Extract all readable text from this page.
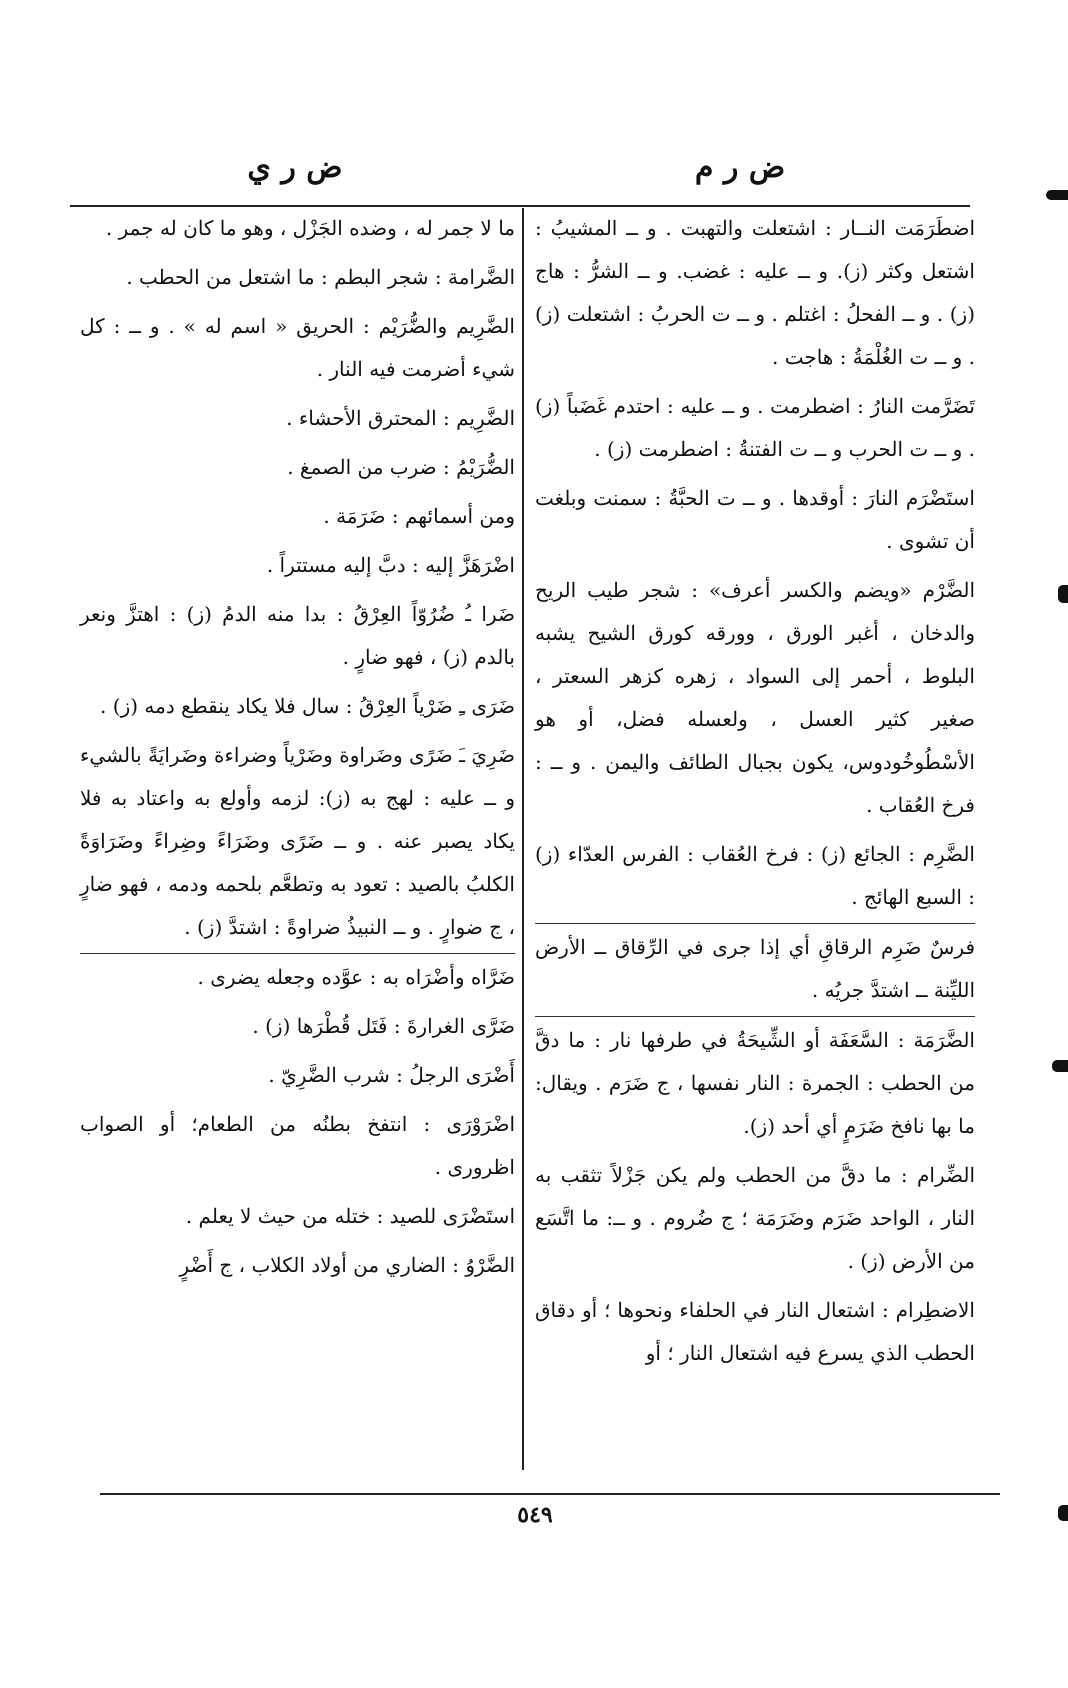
ض ر م
ض ر ي
اضطَرَمَت النــار : اشتعلت والتهبت . و ــ المشيبُ : اشتعل وكثر (ز). و ــ عليه : غضب. و ــ الشرُّ : هاج (ز) . و ــ الفحلُ : اغتلم . و ــ ت الحربُ : اشتعلت (ز) . و ــ ت الغُلْمَةُ : هاجت .
تَضَرَّمت النارُ : اضطرمت . و ــ عليه : احتدم غَضَباً (ز) . و ــ ت الحرب و ــ ت الفتنةُ : اضطرمت (ز) .
استَضْرَم النارَ : أوقدها . و ــ ت الحبَّةُ : سمنت وبلغت أن تشوى .
الضَّرْم «ويضم والكسر أعرف» : شجر طيب الريح والدخان ، أغبر الورق ، وورقه كورق الشيح يشبه البلوط ، أحمر إلى السواد ، زهره كزهر السعتر ، صغير كثير العسل ، ولعسله فضل، أو هو الأسْطُوخُودوس، يكون بجبال الطائف واليمن . و ــ : فرخ العُقاب .
الضَّرِم : الجائع (ز) : فرخ العُقاب : الفرس العدّاء (ز) : السبع الهائج .
فرسٌ ضَرِم الرقاقِ أي إذا جرى في الرِّقاق ــ الأرض الليِّنة ــ اشتدَّ جريُه .
الضَّرَمَة : السَّعَفَة أو الشِّيحَةُ في طرفها نار : ما دقَّ من الحطب : الجمرة : النار نفسها ، ج ضَرَم . ويقال: ما بها نافخ ضَرَمٍ أي أحد (ز).
الضِّرام : ما دقَّ من الحطب ولم يكن جَزْلاً تثقب به النار ، الواحد ضَرَم وضَرَمَة ؛ ج ضُروم . و ــ: ما اتَّسَع من الأرض (ز) .
الاضطِرام : اشتعال النار في الحلفاء ونحوها ؛ أو دقاق الحطب الذي يسرع فيه اشتعال النار ؛ أو
ما لا جمر له ، وضده الجَزْل ، وهو ما كان له جمر .
الضَّرامة : شجر البطم : ما اشتعل من الحطب .
الضَّرِيم والضُّرَيْم : الحريق « اسم له » . و ــ : كل شيء أضرمت فيه النار .
الضَّرِيم : المحترق الأحشاء .
الضُّرَيْمُ : ضرب من الصمغ .
ومن أسمائهم : ضَرَمَة .
اضْرَهَزَّ إليه : دبَّ إليه مستتراً .
ضَرا ـُ ضُرُوّاً العِرْقُ : بدا منه الدمُ (ز) : اهتزَّ ونعر بالدم (ز) ، فهو ضارٍ .
ضَرَى ـِ ضَرْياً العِرْقُ : سال فلا يكاد ينقطع دمه (ز) .
ضَرِيَ ـَ ضَرًى وضَراوة وضَرْياً وضراءة وضَرايَةً بالشيء و ــ عليه : لهج به (ز): لزمه وأولع به واعتاد به فلا يكاد يصبر عنه . و ــ ضَرًى وضَرَاءً وضِراءً وضَرَاوَةً الكلبُ بالصيد : تعود به وتطعَّم بلحمه ودمه ، فهو ضارٍ ، ج ضوارٍ . و ــ النبيذُ ضراوةً : اشتدَّ (ز) .
ضَرَّاه وأضْرَاه به : عوَّده وجعله يضرى .
ضَرَّى الغرارةَ : فَتَل قُطْرَها (ز) .
أَضْرَى الرجلُ : شرب الضَّرِيّ .
اضْرَوْرَى : انتفخ بطنُه من الطعام؛ أو الصواب اظرورى .
استَضْرَى للصيد : ختله من حيث لا يعلم .
الضَّرْوُ : الضاري من أولاد الكلاب ، ج أَضْرٍ
٥٤٩
